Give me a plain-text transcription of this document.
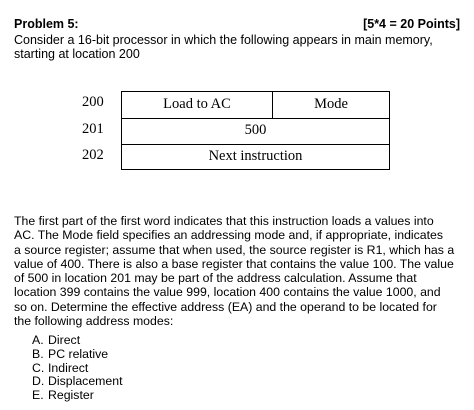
Problem 5:	[5*4 = 20 Points]
Consider a 16-bit processor in which the following appears in main memory,
starting at location 200
200
201
202
Load to AC	Mode
500
Next instruction
The first part of the first word indicates that this instruction loads a values into
AC. The Mode field specifies an addressing mode and, if appropriate, indicates
a source register; assume that when used, the source register is R1, which has a
value of 400. There is also a base register that contains the value 100. The value
of 500 in location 201 may be part of the address calculation. Assume that
location 399 contains the value 999, location 400 contains the value 1000, and
so on. Determine the effective address (EA) and the operand to be located for
the following address modes:
A. Direct
B. PC relative
C. Indirect
D. Displacement
E. Register
